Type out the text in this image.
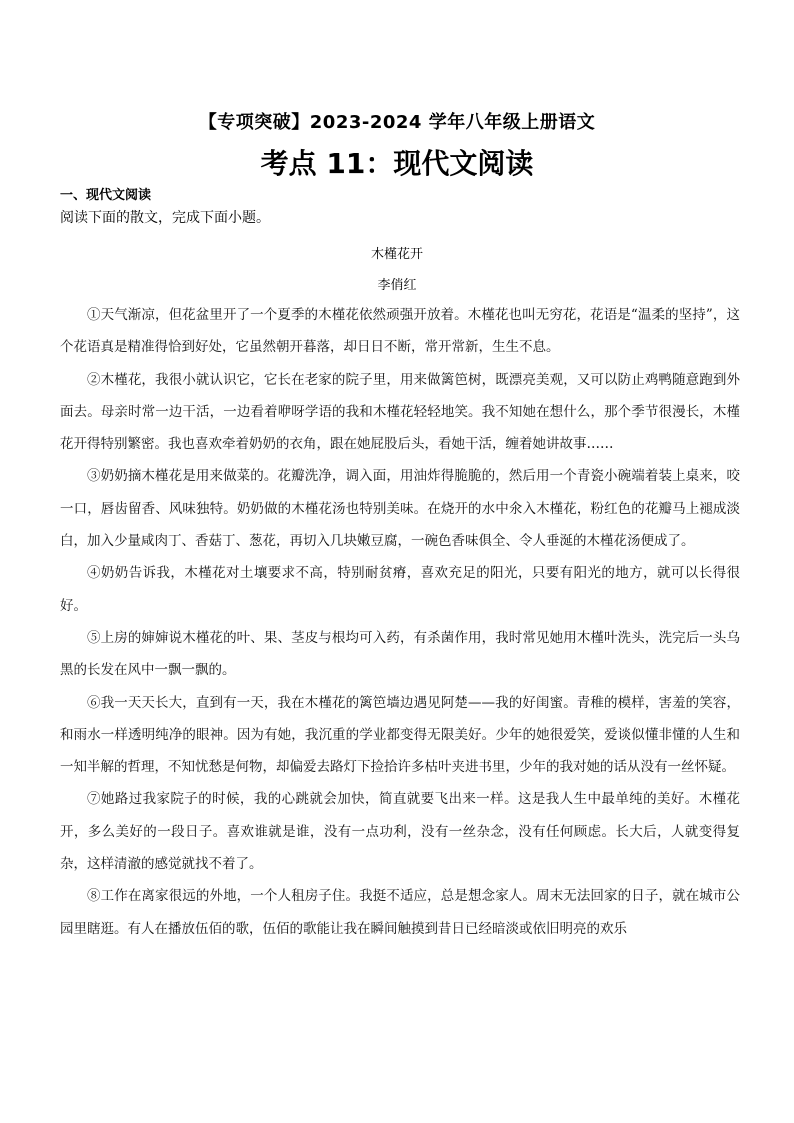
【专项突破】2023-2024 学年八年级上册语文
考点 11：现代文阅读
一、现代文阅读
阅读下面的散文，完成下面小题。
木槿花开
李俏红

①天气渐凉，但花盆里开了一个夏季的木槿花依然顽强开放着。木槿花也叫无穷花，花语是“温柔的坚持”，这个花语真是精准得恰到好处，它虽然朝开暮落，却日日不断，常开常新，生生不息。

②木槿花，我很小就认识它，它长在老家的院子里，用来做篱笆树，既漂亮美观，又可以防止鸡鸭随意跑到外面去。母亲时常一边干活，一边看着咿呀学语的我和木槿花轻轻地笑。我不知她在想什么，那个季节很漫长，木槿花开得特别繁密。我也喜欢牵着奶奶的衣角，跟在她屁股后头，看她干活，缠着她讲故事……

③奶奶摘木槿花是用来做菜的。花瓣洗净，调入面，用油炸得脆脆的，然后用一个青瓷小碗端着装上桌来，咬一口，唇齿留香、风味独特。奶奶做的木槿花汤也特别美味。在烧开的水中氽入木槿花，粉红色的花瓣马上褪成淡白，加入少量咸肉丁、香菇丁、葱花，再切入几块嫩豆腐，一碗色香味俱全、令人垂涎的木槿花汤便成了。

④奶奶告诉我，木槿花对土壤要求不高，特别耐贫瘠，喜欢充足的阳光，只要有阳光的地方，就可以长得很好。

⑤上房的婶婶说木槿花的叶、果、茎皮与根均可入药，有杀菌作用，我时常见她用木槿叶洗头，洗完后一头乌黑的长发在风中一飘一飘的。

⑥我一天天长大，直到有一天，我在木槿花的篱笆墙边遇见阿楚——我的好闺蜜。青稚的模样，害羞的笑容，和雨水一样透明纯净的眼神。因为有她，我沉重的学业都变得无限美好。少年的她很爱笑，爱谈似懂非懂的人生和一知半解的哲理，不知忧愁是何物，却偏爱去路灯下捡拾许多枯叶夹进书里，少年的我对她的话从没有一丝怀疑。

⑦她路过我家院子的时候，我的心跳就会加快，简直就要飞出来一样。这是我人生中最单纯的美好。木槿花开，多么美好的一段日子。喜欢谁就是谁，没有一点功利，没有一丝杂念，没有任何顾虑。长大后，人就变得复杂，这样清澈的感觉就找不着了。

⑧工作在离家很远的外地，一个人租房子住。我挺不适应，总是想念家人。周末无法回家的日子，就在城市公园里瞎逛。有人在播放伍佰的歌，伍佰的歌能让我在瞬间触摸到昔日已经暗淡或依旧明亮的欢乐
